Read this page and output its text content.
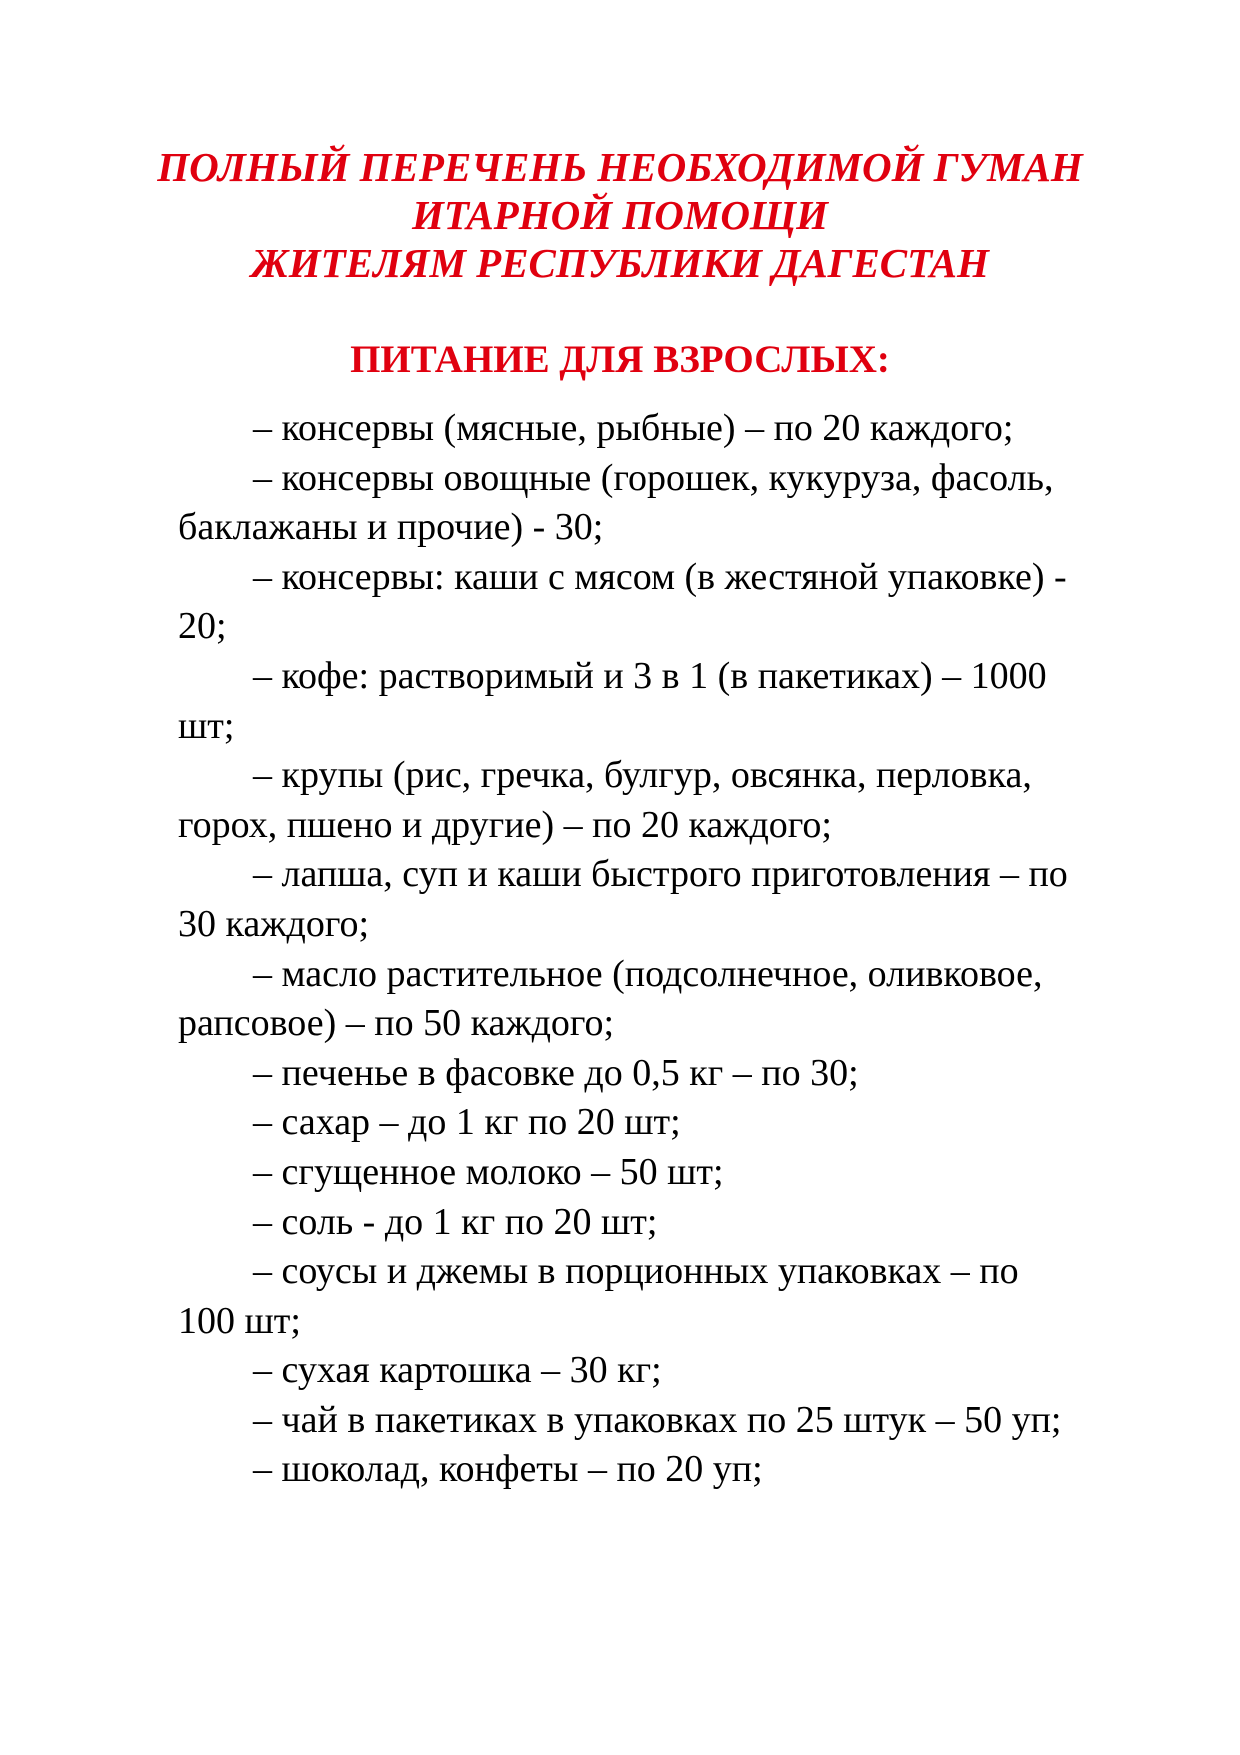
ПОЛНЫЙ ПЕРЕЧЕНЬ НЕОБХОДИМОЙ ГУМАН
ИТАРНОЙ ПОМОЩИ
ЖИТЕЛЯМ РЕСПУБЛИКИ ДАГЕСТАН
ПИТАНИЕ ДЛЯ ВЗРОСЛЫХ:
– консервы (мясные, рыбные) – по 20 каждого;
– консервы овощные (горошек, кукуруза, фасоль,
баклажаны и прочие) - 30;
– консервы: каши с мясом (в жестяной упаковке) -
20;
– кофе: растворимый и 3 в 1 (в пакетиках) – 1000
шт;
– крупы (рис, гречка, булгур, овсянка, перловка,
горох, пшено и другие) – по 20 каждого;
– лапша, суп и каши быстрого приготовления – по
30 каждого;
– масло растительное (подсолнечное, оливковое,
рапсовое) – по 50 каждого;
– печенье в фасовке до 0,5 кг – по 30;
– сахар – до 1 кг по 20 шт;
– сгущенное молоко – 50 шт;
– соль - до 1 кг по 20 шт;
– соусы и джемы в порционных упаковках – по
100 шт;
– сухая картошка – 30 кг;
– чай в пакетиках в упаковках по 25 штук – 50 уп;
– шоколад, конфеты – по 20 уп;
